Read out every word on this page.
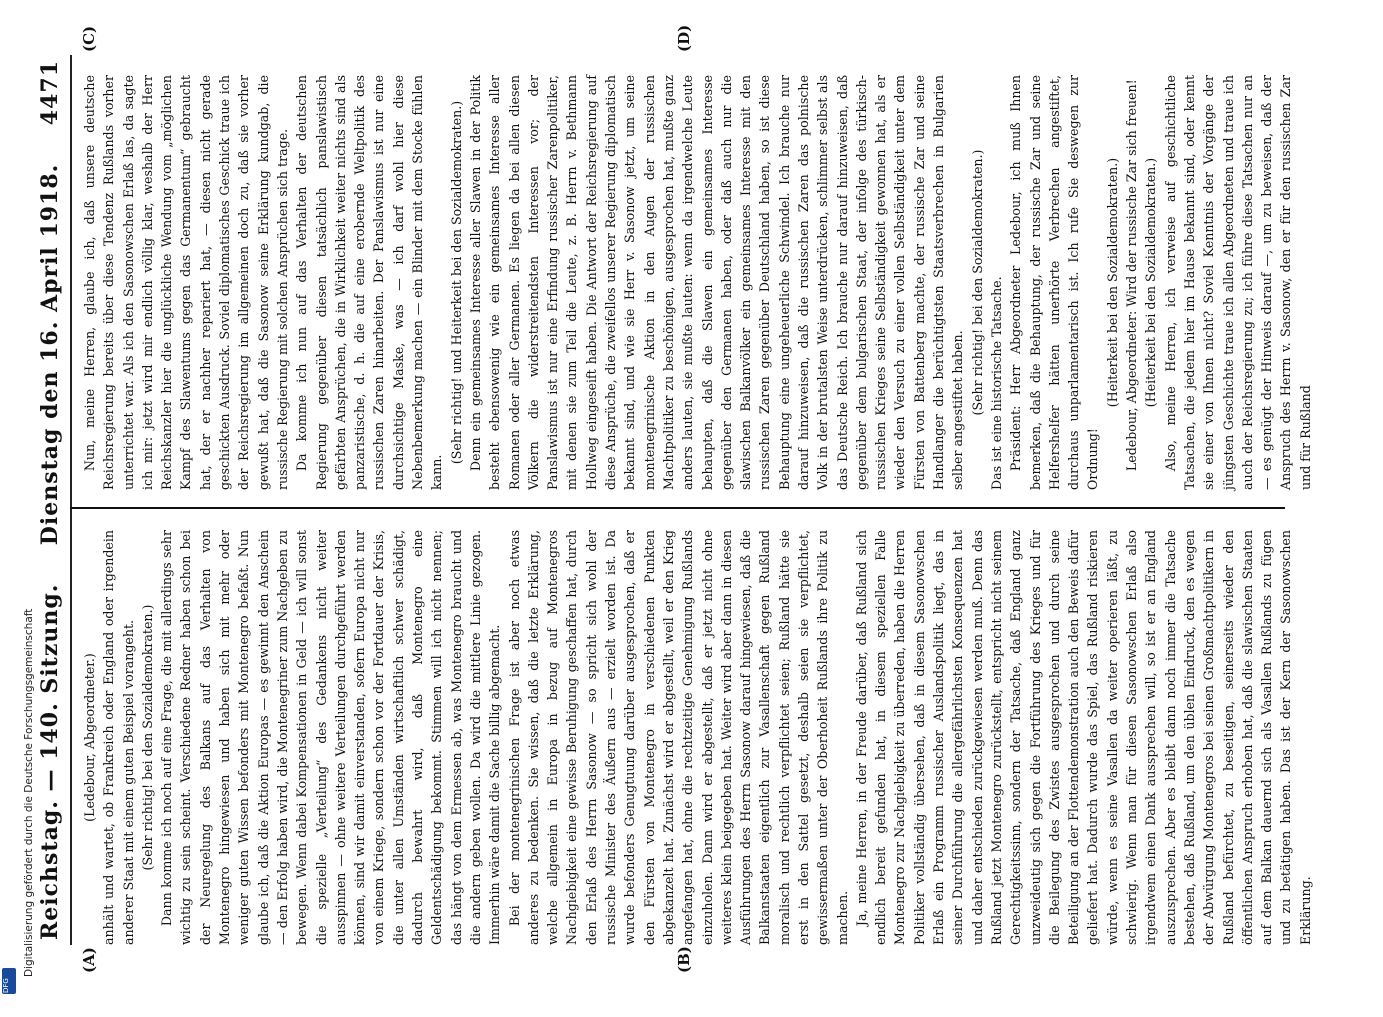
Reichstag. — 140. Sitzung.
Dienstag den 16. April 1918.
4471

(Ledebour, Abgeordneter.) anhält und wartet, ob Frankreich oder England oder irgendein anderer Staat mit einem guten Beispiel vorangeht. (Sehr richtig! bei den Sozialdemokraten.) Dann komme ich noch auf eine Frage, die mit allerdings sehr wichtig zu sein scheint. Verschiedene Redner haben schon bei der Neuregelung des Balkans auf das Verhalten von Montenegro hingewiesen und haben sich mit mehr oder weniger guten Wissen befonders mit Montenegro befaßt. Nun glaube ich, daß die Aktion Europas — es gewinnt den Anschein — den Erfolg haben wird, die Montenegriner zum Nachgeben zu bewegen. Wenn dabei Kompensationen in Geld — ich will sonst die spezielle „Verteilung“ des Gedankens nicht weiter ausspinnen — ohne weitere Verteilungen durchgeführt werden können, sind wir damit einverstanden, sofern Europa nicht nur von einem Kriege, sondern schon vor der Fortdauer der Krisis, die unter allen Umständen wirtschaftlich schwer schädigt, dadurch bewahrt wird, daß Montenegro eine Geldentschädigung bekommt. Stimmen will ich nicht nennen; das hängt von dem Ermessen ab, was Montenegro braucht und die andern geben wollen. Da wird die mittlere Linie gezogen. Immerhin wäre damit die Sache billig abgemacht. Bei der montenegrinischen Frage ist aber noch etwas anderes zu bedenken. Sie wissen, daß die letzte Erklärung, welche allgemein in Europa in bezug auf Montenegros Nachgiebigkeit eine gewisse Beruhigung geschaffen hat, durch den Erlaß des Herrn Sasonow — so spricht sich wohl der russische Minister des Äußern aus — erzielt worden ist. Da wurde befonders Genugtuung darüber ausgesprochen, daß er den Fürsten von Montenegro in verschiedenen Punkten abgekanzelt hat. Zunächst wird er abgestellt, weil er den Krieg angefangen hat, ohne die rechtzeitige Genehmigung Rußlands einzuholen. Dann wird er abgestellt, daß er jetzt nicht ohne weiteres klein beigegeben hat. Weiter wird aber dann in diesen Ausführungen des Herrn Sasonow darauf hingewiesen, daß die Balkanstaaten eigentlich zur Vasallenschaft gegen Rußland moralisch und rechtlich verpflichtet seien; Rußland hätte sie erst in den Sattel gesetzt, deshalb seien sie verpflichtet, gewissermaßen unter der Oberhoheit Rußlands ihre Politik zu machen. Ja, meine Herren, in der Freude darüber, daß Rußland sich endlich bereit gefunden hat, in diesem speziellen Falle Montenegro zur Nachgiebigkeit zu überreden, haben die Herren Politiker vollständig übersehen, daß in diesem Sasonowschen Erlaß ein Programm russischer Auslandspolitik liegt, das in seiner Durchführung die allergefährlichsten Konsequenzen hat und daher entschieden zurückgewiesen werden muß. Denn das Rußland jetzt Montenegro zurückstellt, entspricht nicht seinem Gerechtigkeitssinn, sondern der Tatsache, daß England ganz unzweideutig sich gegen die Fortführung des Krieges und für die Beilegung des Zwistes ausgesprochen und durch seine Beteiligung an der Flottendemonstration auch den Beweis dafür geliefert hat. Dadurch wurde das Spiel, das Rußland riskieren würde, wenn es seine Vasallen da weiter operieren läßt, zu schwierig. Wenn man für diesen Sasonowschen Erlaß also irgendwem einen Dank aussprechen will, so ist er an England auszusprechen. Aber es bleibt dann noch immer die Tatsache bestehen, daß Rußland, um den üblen Eindruck, den es wegen der Abwürgung Montenegros bei seinen Großmachtpolitikern in Rußland befürchtet, zu beseitigen, seinerseits wieder den öffentlichen Anspruch erhoben hat, daß die slawischen Staaten auf dem Balkan dauernd sich als Vasallen Rußlands zu fügen und zu betätigen haben. Das ist der Kern der Sasonowschen Erklärung.

Nun, meine Herren, glaube ich, daß unsere deutsche Reichsregierung bereits über diese Tendenz Rußlands vorher unterrichtet war. Als ich den Sasonowschen Erlaß las, da sagte ich mir: jetzt wird mir endlich völlig klar, weshalb der Herr Reichskanzler hier die unglückliche Wendung vom „möglichen Kampf des Slawentums gegen das Germanentum“ gebraucht hat, der er nachher repariert hat, — diesen nicht gerade geschickten Ausdruck. Soviel diplomatisches Geschick traue ich der Reichsregierung im allgemeinen doch zu, daß sie vorher gewußt hat, daß die Sasonow seine Erklärung kundgab, die russische Regierung mit solchen Ansprüchen sich trage. Da komme ich nun auf das Verhalten der deutschen Regierung gegenüber diesen tatsächlich panslawistisch gefärbten Ansprüchen, die in Wirklichkeit weiter nichts sind als panzaristische, d. h. die auf eine erobernde Weltpolitik des russischen Zaren hinarbeiten. Der Panslawismus ist nur eine durchsichtige Maske, was — ich darf wohl hier diese Nebenbemerkung machen — ein Blinder mit dem Stocke fühlen kann.

(Sehr richtig! und Heiterkeit bei den Sozialdemokraten.) Denn ein gemeinsames Interesse aller Slawen in der Politik besteht ebensowenig wie ein gemeinsames Interesse aller Romanen oder aller Germanen. Es liegen da bei allen diesen Völkern die widerstreitendsten Interessen vor; der Panslawismus ist nur eine Erfindung russischer Zarenpolitiker, mit denen sie zum Teil die Leute, z. B. Herrn v. Bethmann Hollweg eingeseift haben. Die Antwort der Reichsregierung auf diese Ansprüche, die zweifellos unserer Regierung diplomatisch bekannt sind, und wie sie Herr v. Sasonow jetzt, um seine montenegrinische Aktion in den Augen der russischen Machtpolitiker zu beschönigen, ausgesprochen hat, mußte ganz anders lauten, sie mußte lauten: wenn da irgendwelche Leute behaupten, daß die Slawen ein gemeinsames Interesse gegenüber den Germanen haben, oder daß auch nur die slawischen Balkanvölker ein gemeinsames Interesse mit den russischen Zaren gegenüber Deutschland haben, so ist diese Behauptung eine ungeheuerliche Schwindel. Ich brauche nur darauf hinzuweisen, daß die russischen Zaren das polnische Volk in der brutalsten Weise unterdrücken, schlimmer selbst als das Deutsche Reich. Ich brauche nur darauf hinzuweisen, daß gegenüber dem bulgarischen Staat, der infolge des türkisch-russischen Krieges seine Selbständigkeit gewonnen hat, als er wieder den Versuch zu einer vollen Selbständigkeit unter dem Fürsten von Battenberg machte, der russische Zar und seine Handlanger die berüchtigtsten Staatsverbrechen in Bulgarien selber angestiftet haben. (Sehr richtig! bei den Sozialdemokraten.) Das ist eine historische Tatsache. Präsident: Herr Abgeordneter Ledebour, ich muß Ihnen bemerken, daß die Behauptung, der russische Zar und seine Helfershelfer hätten unerhörte Verbrechen angestiftet, durchaus unparlamentarisch ist. Ich rufe Sie deswegen zur Ordnung!

(Heiterkeit bei den Sozialdemokraten.) Ledebour, Abgeordneter: Wird der russische Zar sich freuen! (Heiterkeit bei den Sozialdemokraten.) Also, meine Herren, ich verweise auf geschichtliche Tatsachen, die jedem hier im Hause bekannt sind, oder kennt sie einer von Ihnen nicht? Soviel Kenntnis der Vorgänge der jüngsten Geschichte traue ich allen Abgeordneten und traue ich auch der Reichsregierung zu; ich führe diese Tatsachen nur an — es genügt der Hinweis darauf —, um zu beweisen, daß der Anspruch des Herrn v. Sasonow, den er für den russischen Zar und für Rußland

(A)	(B)
(C)	(D)
Digitalisierung gefördert durch die Deutsche Forschungsgemeinschaft
DFG
